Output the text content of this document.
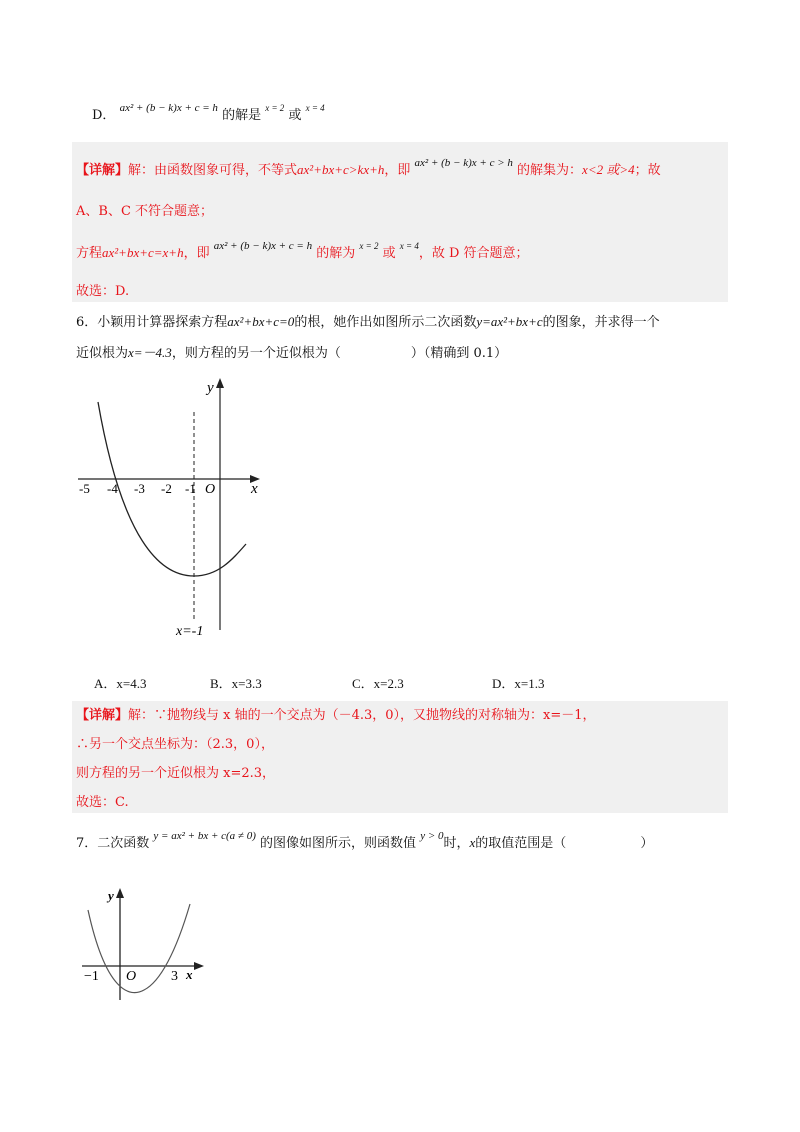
D． $^{ax^2 + (b - k)x + c = h}$ 的解是 $^{x = 2}$ 或 $^{x = 4}$
【详解】解：由函数图象可得，不等式ax²+bx+c>kx+h，即 $^{ax^2 + (b - k)x + c > h}$ 的解集为：x<2 或>4；故
A、B、C 不符合题意；
方程ax²+bx+c=x+h，即 $^{ax^2 + (b - k)x + c = h}$ 的解为 $^{x = 2}$ 或 $^{x = 4}$，故 D 符合题意；
故选：D.
6．小颖用计算器探索方程ax²+bx+c=0的根，她作出如图所示二次函数y=ax²+bx+c的图象，并求得一个
近似根为x=－4.3，则方程的另一个近似根为（	）（精确到 0.1）
y
x
O
-5 -4 -3 -2 -1
x=-1
A．x=4.3	B．x=3.3	C．x=2.3	D．x=1.3
【详解】解：∵抛物线与 x 轴的一个交点为（－4.3，0），又抛物线的对称轴为：x=－1，
∴另一个交点坐标为：（2.3，0），
则方程的另一个近似根为 x=2.3，
故选：C.
7．二次函数 $^{y = ax^2 + bx + c(a \ne 0)}$ 的图像如图所示，则函数值 $^{y > 0}$时，x的取值范围是（	）
y
x
O
−1	3
